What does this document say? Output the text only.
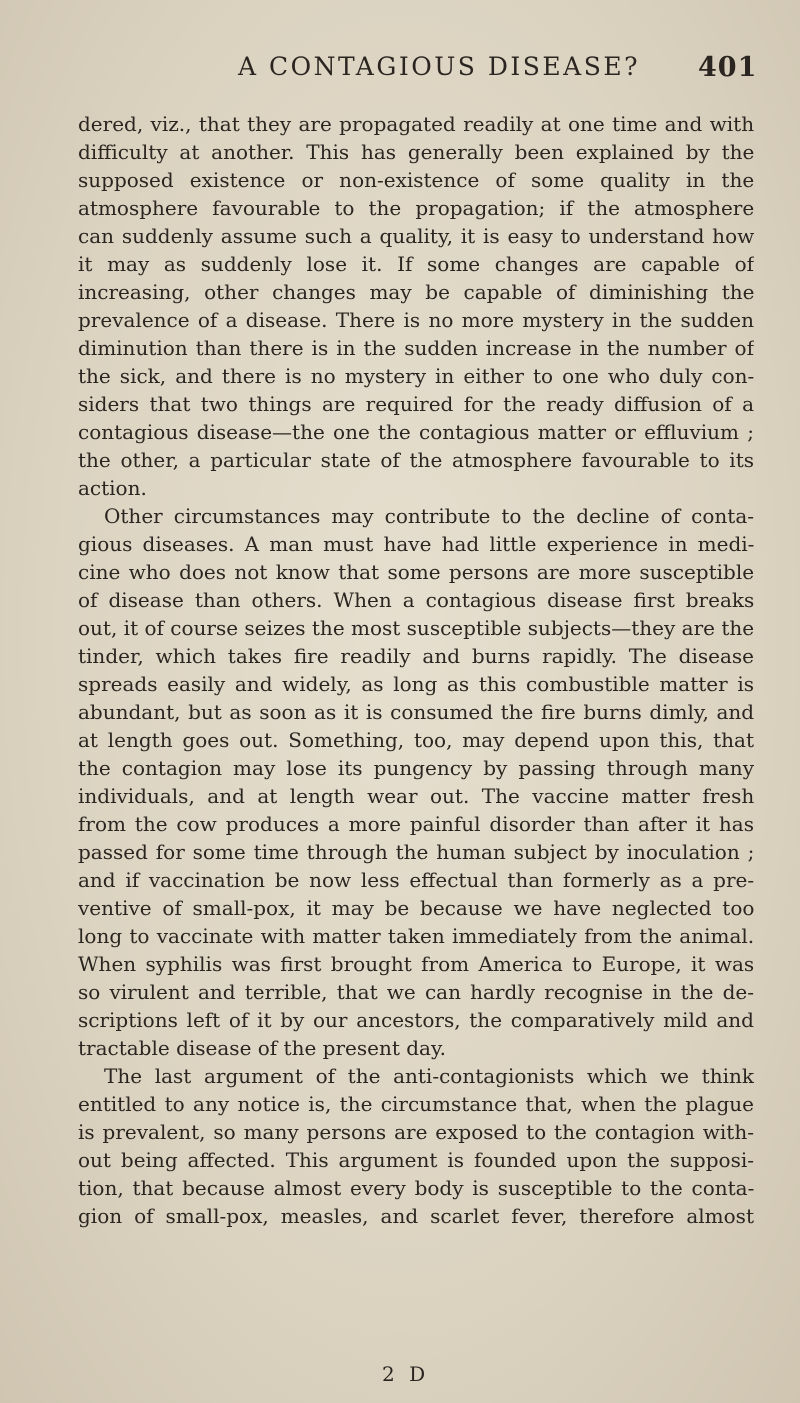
A CONTAGIOUS DISEASE? 401

dered, viz., that they are propagated readily at one time and with
difficulty at another. This has generally been explained by the
supposed existence or non-existence of some quality in the
atmosphere favourable to the propagation; if the atmosphere
can suddenly assume such a quality, it is easy to understand how
it may as suddenly lose it. If some changes are capable of
increasing, other changes may be capable of diminishing the
prevalence of a disease. There is no more mystery in the sudden
diminution than there is in the sudden increase in the number of
the sick, and there is no mystery in either to one who duly con-
siders that two things are required for the ready diffusion of a
contagious disease—the one the contagious matter or effluvium ;
the other, a particular state of the atmosphere favourable to its
action.

Other circumstances may contribute to the decline of conta-
gious diseases. A man must have had little experience in medi-
cine who does not know that some persons are more susceptible
of disease than others. When a contagious disease first breaks
out, it of course seizes the most susceptible subjects—they are the
tinder, which takes fire readily and burns rapidly. The disease
spreads easily and widely, as long as this combustible matter is
abundant, but as soon as it is consumed the fire burns dimly, and
at length goes out. Something, too, may depend upon this, that
the contagion may lose its pungency by passing through many
individuals, and at length wear out. The vaccine matter fresh
from the cow produces a more painful disorder than after it has
passed for some time through the human subject by inoculation ;
and if vaccination be now less effectual than formerly as a pre-
ventive of small-pox, it may be because we have neglected too
long to vaccinate with matter taken immediately from the animal.
When syphilis was first brought from America to Europe, it was
so virulent and terrible, that we can hardly recognise in the de-
scriptions left of it by our ancestors, the comparatively mild and
tractable disease of the present day.

The last argument of the anti-contagionists which we think
entitled to any notice is, the circumstance that, when the plague
is prevalent, so many persons are exposed to the contagion with-
out being affected. This argument is founded upon the supposi-
tion, that because almost every body is susceptible to the conta-
gion of small-pox, measles, and scarlet fever, therefore almost

2 D
